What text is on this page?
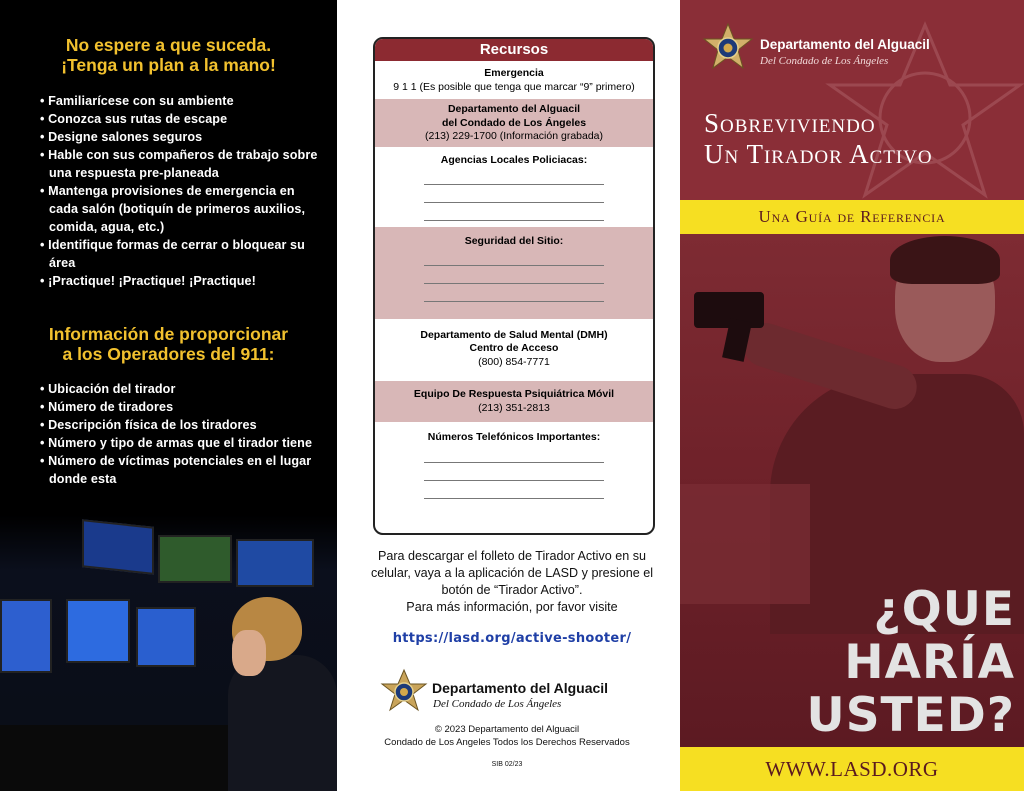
No espere a que suceda.
¡Tenga un plan a la mano!
• Familiarícese con su ambiente
• Conozca sus rutas de escape
• Designe salones seguros
• Hable con sus compañeros de trabajo sobre una respuesta pre-planeada
• Mantenga provisiones de emergencia en cada salón (botiquín de primeros auxilios, comida, agua, etc.)
• Identifique formas de cerrar o bloquear su área
• ¡Practique! ¡Practique! ¡Practique!
Información de proporcionar
a los Operadores del 911:
• Ubicación del tirador
• Número de tiradores
• Descripción física de los tiradores
• Número y tipo de armas que el tirador tiene
• Número de víctimas potenciales en el lugar donde esta
Recursos
Emergencia
9 1 1 (Es posible que tenga que marcar “9” primero)
Departamento del Alguacil
del Condado de Los Ángeles
(213) 229-1700 (Información grabada)
Agencias Locales Policiacas:
Seguridad del Sitio:
Departamento de Salud Mental (DMH)
Centro de Acceso
(800) 854-7771
Equipo De Respuesta Psiquiátrica Móvil
(213) 351-2813
Números Telefónicos Importantes:
Para descargar el folleto de Tirador Activo en su celular, vaya a la aplicación de LASD y presione el botón de “Tirador Activo”.
Para más información, por favor visite
https://lasd.org/active-shooter/
Departamento del Alguacil
Del Condado de Los Ángeles
© 2023 Departamento del Alguacil
Condado de Los Angeles Todos los Derechos Reservados
SIB 02/23
Departamento del Alguacil
Del Condado de Los Ángeles
Sobreviviendo
Un Tirador Activo
Una Guía de Referencia
¿QUE
HARÍA
USTED?
WWW.LASD.ORG
